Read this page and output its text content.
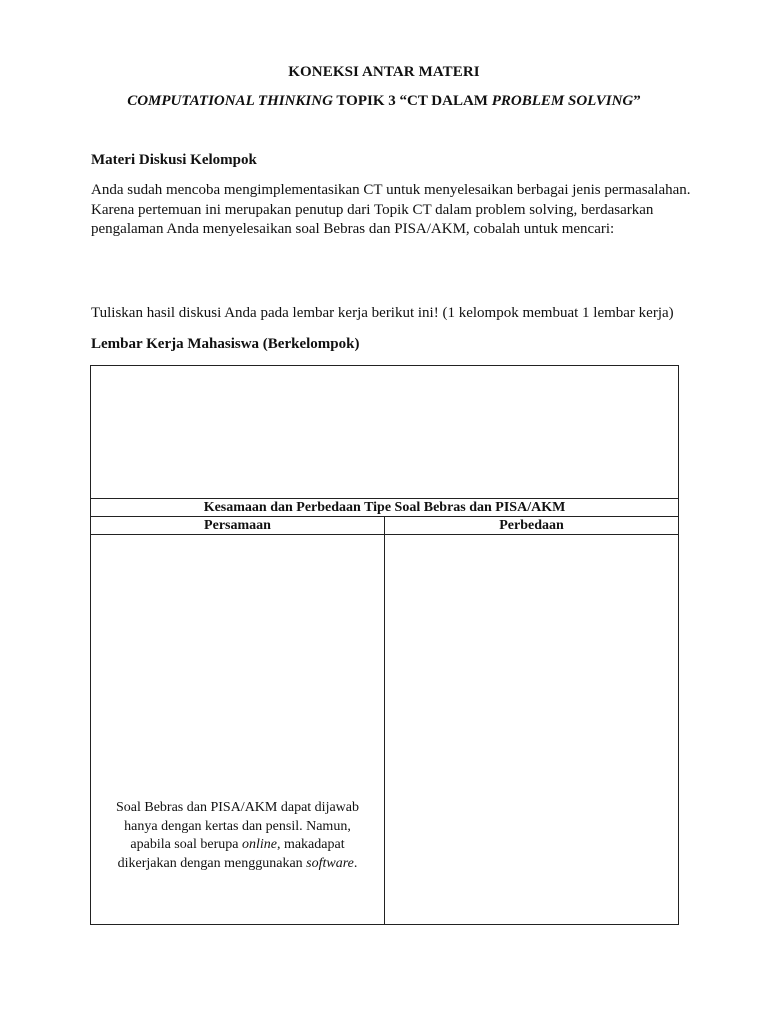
KONEKSI ANTAR MATERI
COMPUTATIONAL THINKING TOPIK 3 “CT DALAM PROBLEM SOLVING”
Materi Diskusi Kelompok
Anda sudah mencoba mengimplementasikan CT untuk menyelesaikan berbagai jenis permasalahan. Karena pertemuan ini merupakan penutup dari Topik CT dalam problem solving, berdasarkan pengalaman Anda menyelesaikan soal Bebras dan PISA/AKM, cobalah untuk mencari:
Tuliskan hasil diskusi Anda pada lembar kerja berikut ini! (1 kelompok membuat 1 lembar kerja)
Lembar Kerja Mahasiswa (Berkelompok)

Kesamaan dan Perbedaan Tipe Soal Bebras dan PISA/AKM	
Persamaan	Perbedaan

Soal Bebras dan PISA/AKM dapat dijawab hanya dengan kertas dan pensil. Namun, apabila soal berupa online, makadapat dikerjakan dengan menggunakan software.	
